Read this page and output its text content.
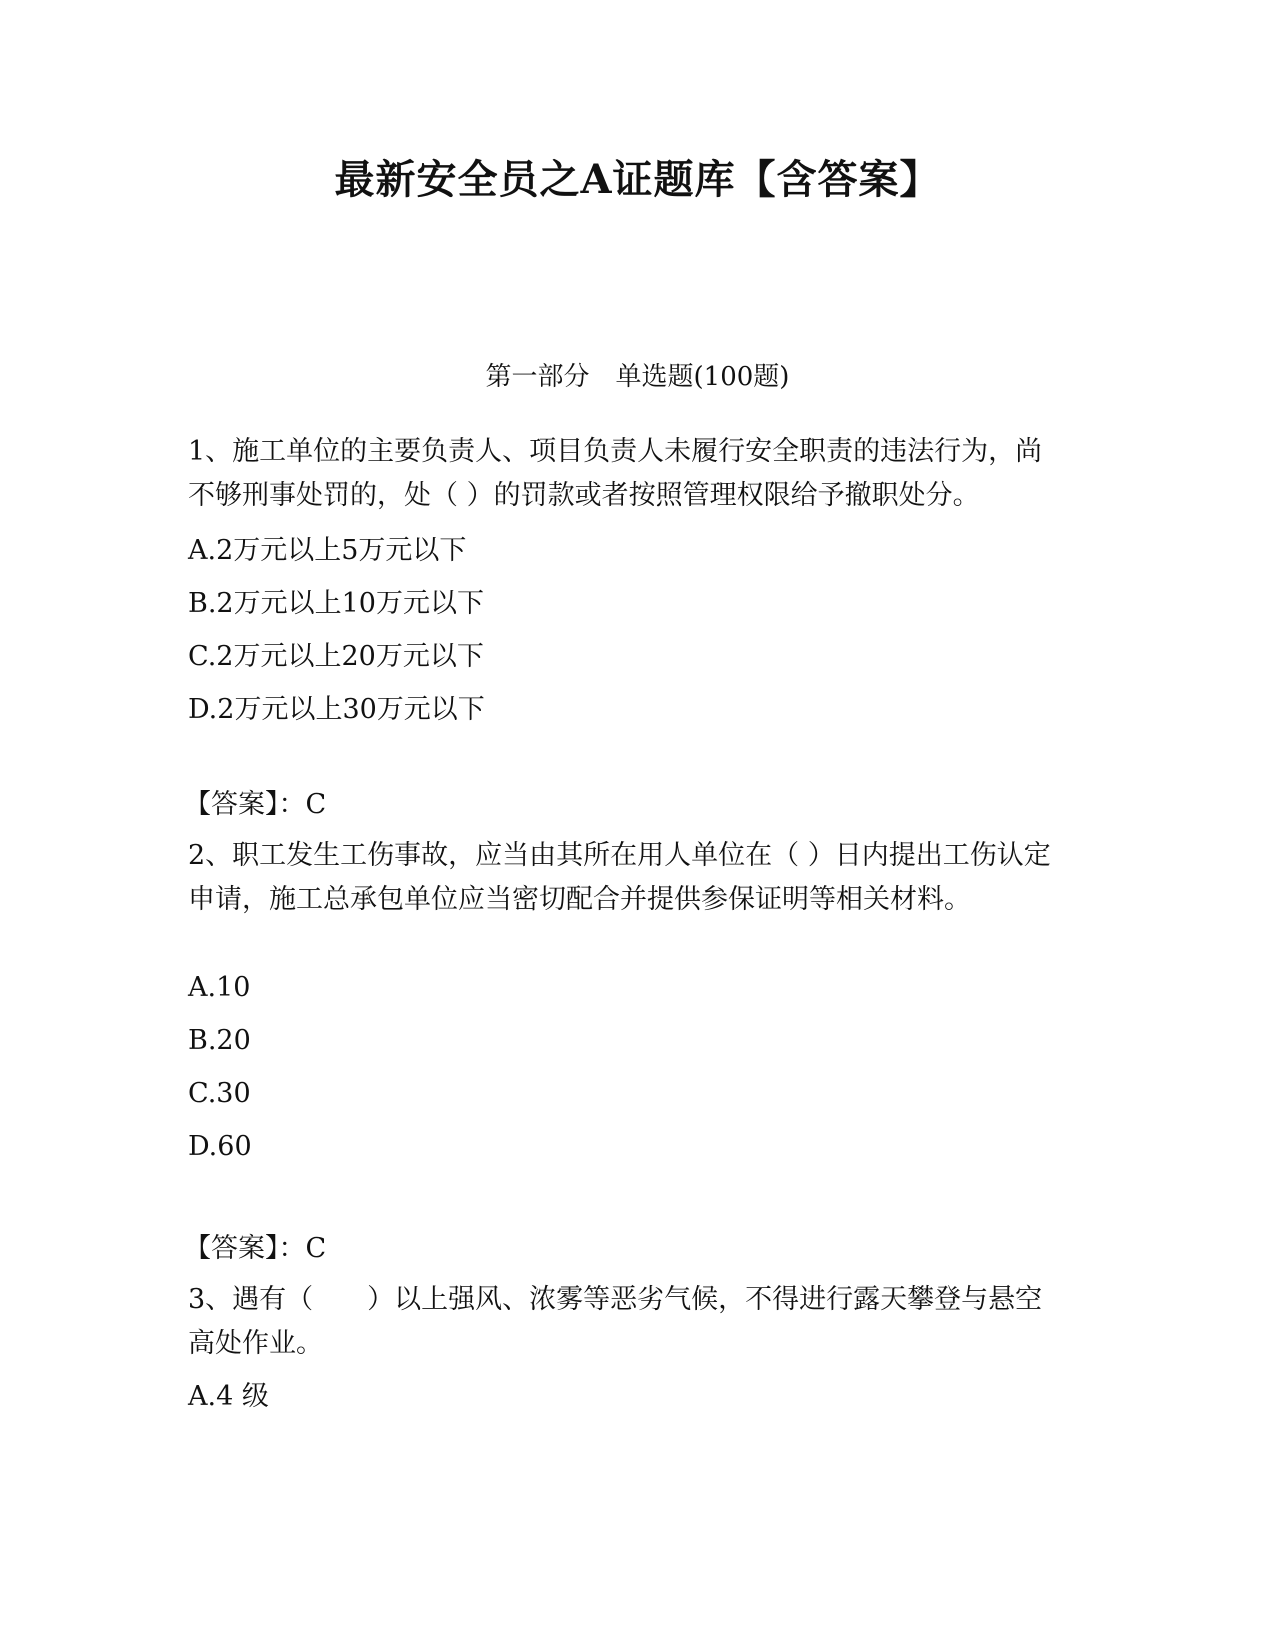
最新安全员之A证题库【含答案】
第一部分　单选题(100题)
1、施工单位的主要负责人、项目负责人未履行安全职责的违法行为，尚不够刑事处罚的，处（ ）的罚款或者按照管理权限给予撤职处分。
A.2万元以上5万元以下
B.2万元以上10万元以下
C.2万元以上20万元以下
D.2万元以上30万元以下
【答案】：C
2、职工发生工伤事故，应当由其所在用人单位在（ ）日内提出工伤认定申请，施工总承包单位应当密切配合并提供参保证明等相关材料。
A.10
B.20
C.30
D.60
【答案】：C
3、遇有（　　）以上强风、浓雾等恶劣气候，不得进行露天攀登与悬空高处作业。
A.4 级
